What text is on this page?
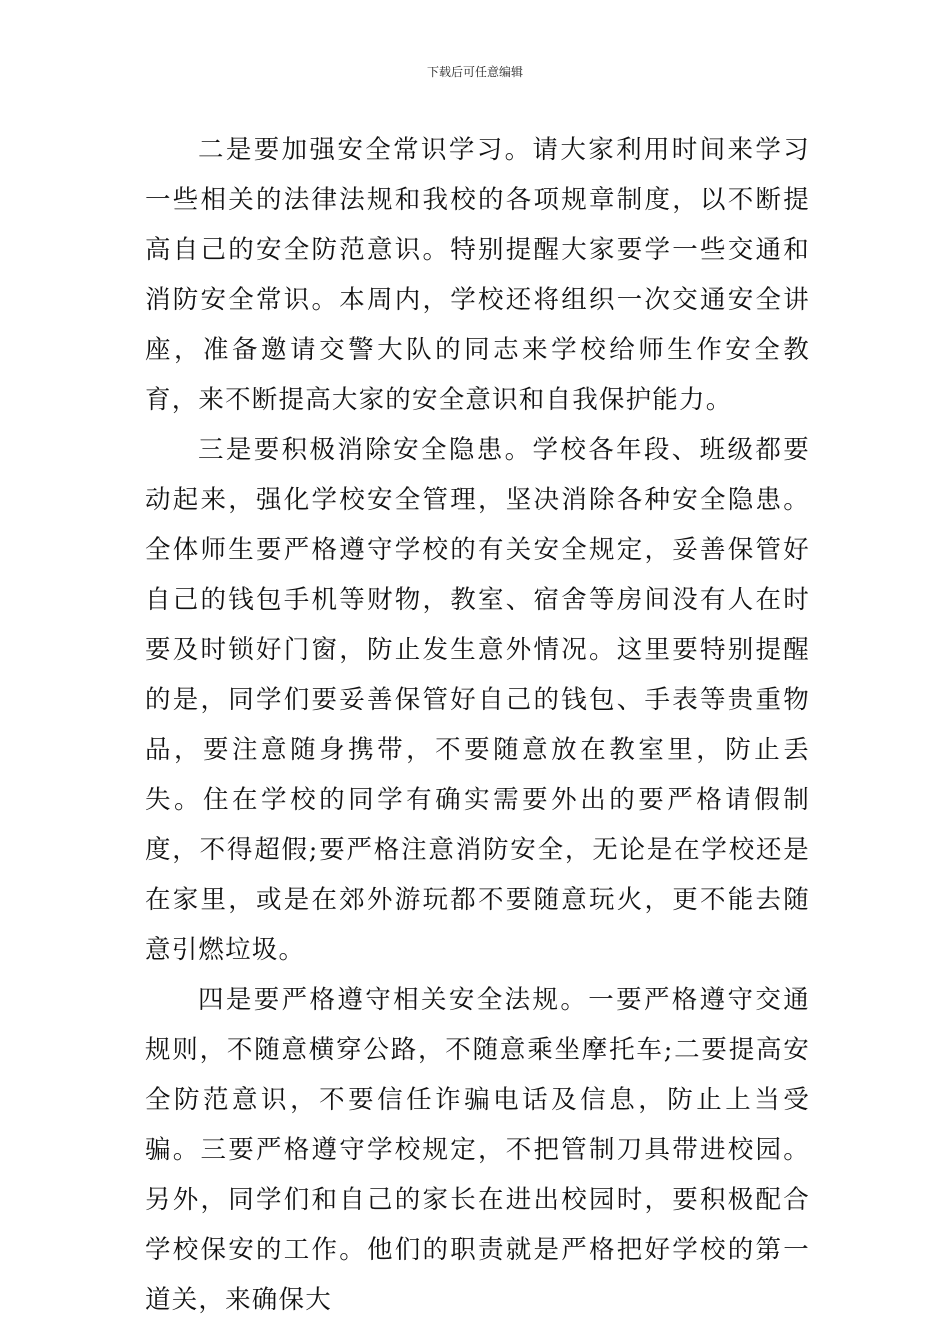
下载后可任意编辑

二是要加强安全常识学习。请大家利用时间来学习一些相关的法律法规和我校的各项规章制度，以不断提高自己的安全防范意识。特别提醒大家要学一些交通和消防安全常识。本周内，学校还将组织一次交通安全讲座，准备邀请交警大队的同志来学校给师生作安全教育，来不断提高大家的安全意识和自我保护能力。

三是要积极消除安全隐患。学校各年段、班级都要动起来，强化学校安全管理，坚决消除各种安全隐患。全体师生要严格遵守学校的有关安全规定，妥善保管好自己的钱包手机等财物，教室、宿舍等房间没有人在时要及时锁好门窗，防止发生意外情况。这里要特别提醒的是，同学们要妥善保管好自己的钱包、手表等贵重物品，要注意随身携带，不要随意放在教室里，防止丢失。住在学校的同学有确实需要外出的要严格请假制度，不得超假;要严格注意消防安全，无论是在学校还是在家里，或是在郊外游玩都不要随意玩火，更不能去随意引燃垃圾。

四是要严格遵守相关安全法规。一要严格遵守交通规则，不随意横穿公路，不随意乘坐摩托车;二要提高安全防范意识，不要信任诈骗电话及信息，防止上当受骗。三要严格遵守学校规定，不把管制刀具带进校园。另外，同学们和自己的家长在进出校园时，要积极配合学校保安的工作。他们的职责就是严格把好学校的第一道关，来确保大
